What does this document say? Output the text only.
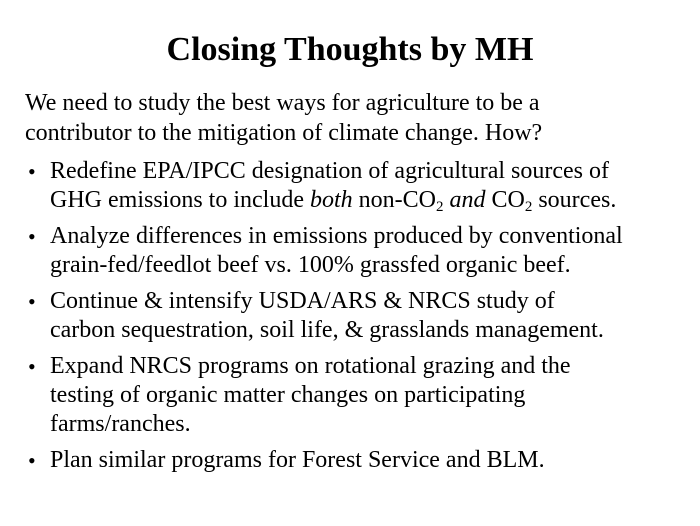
Closing Thoughts by MH

We need to study the best ways for agriculture to be a
contributor to the mitigation of climate change. How?

• Redefine EPA/IPCC designation of agricultural sources of
GHG emissions to include both non-$CO_2$ and $CO_2$ sources.
• Analyze differences in emissions produced by conventional
grain-fed/feedlot beef vs. 100% grassfed organic beef.
• Continue & intensify USDA/ARS & NRCS study of
carbon sequestration, soil life, & grasslands management.
• Expand NRCS programs on rotational grazing and the
testing of organic matter changes on participating
farms/ranches.
• Plan similar programs for Forest Service and BLM.
